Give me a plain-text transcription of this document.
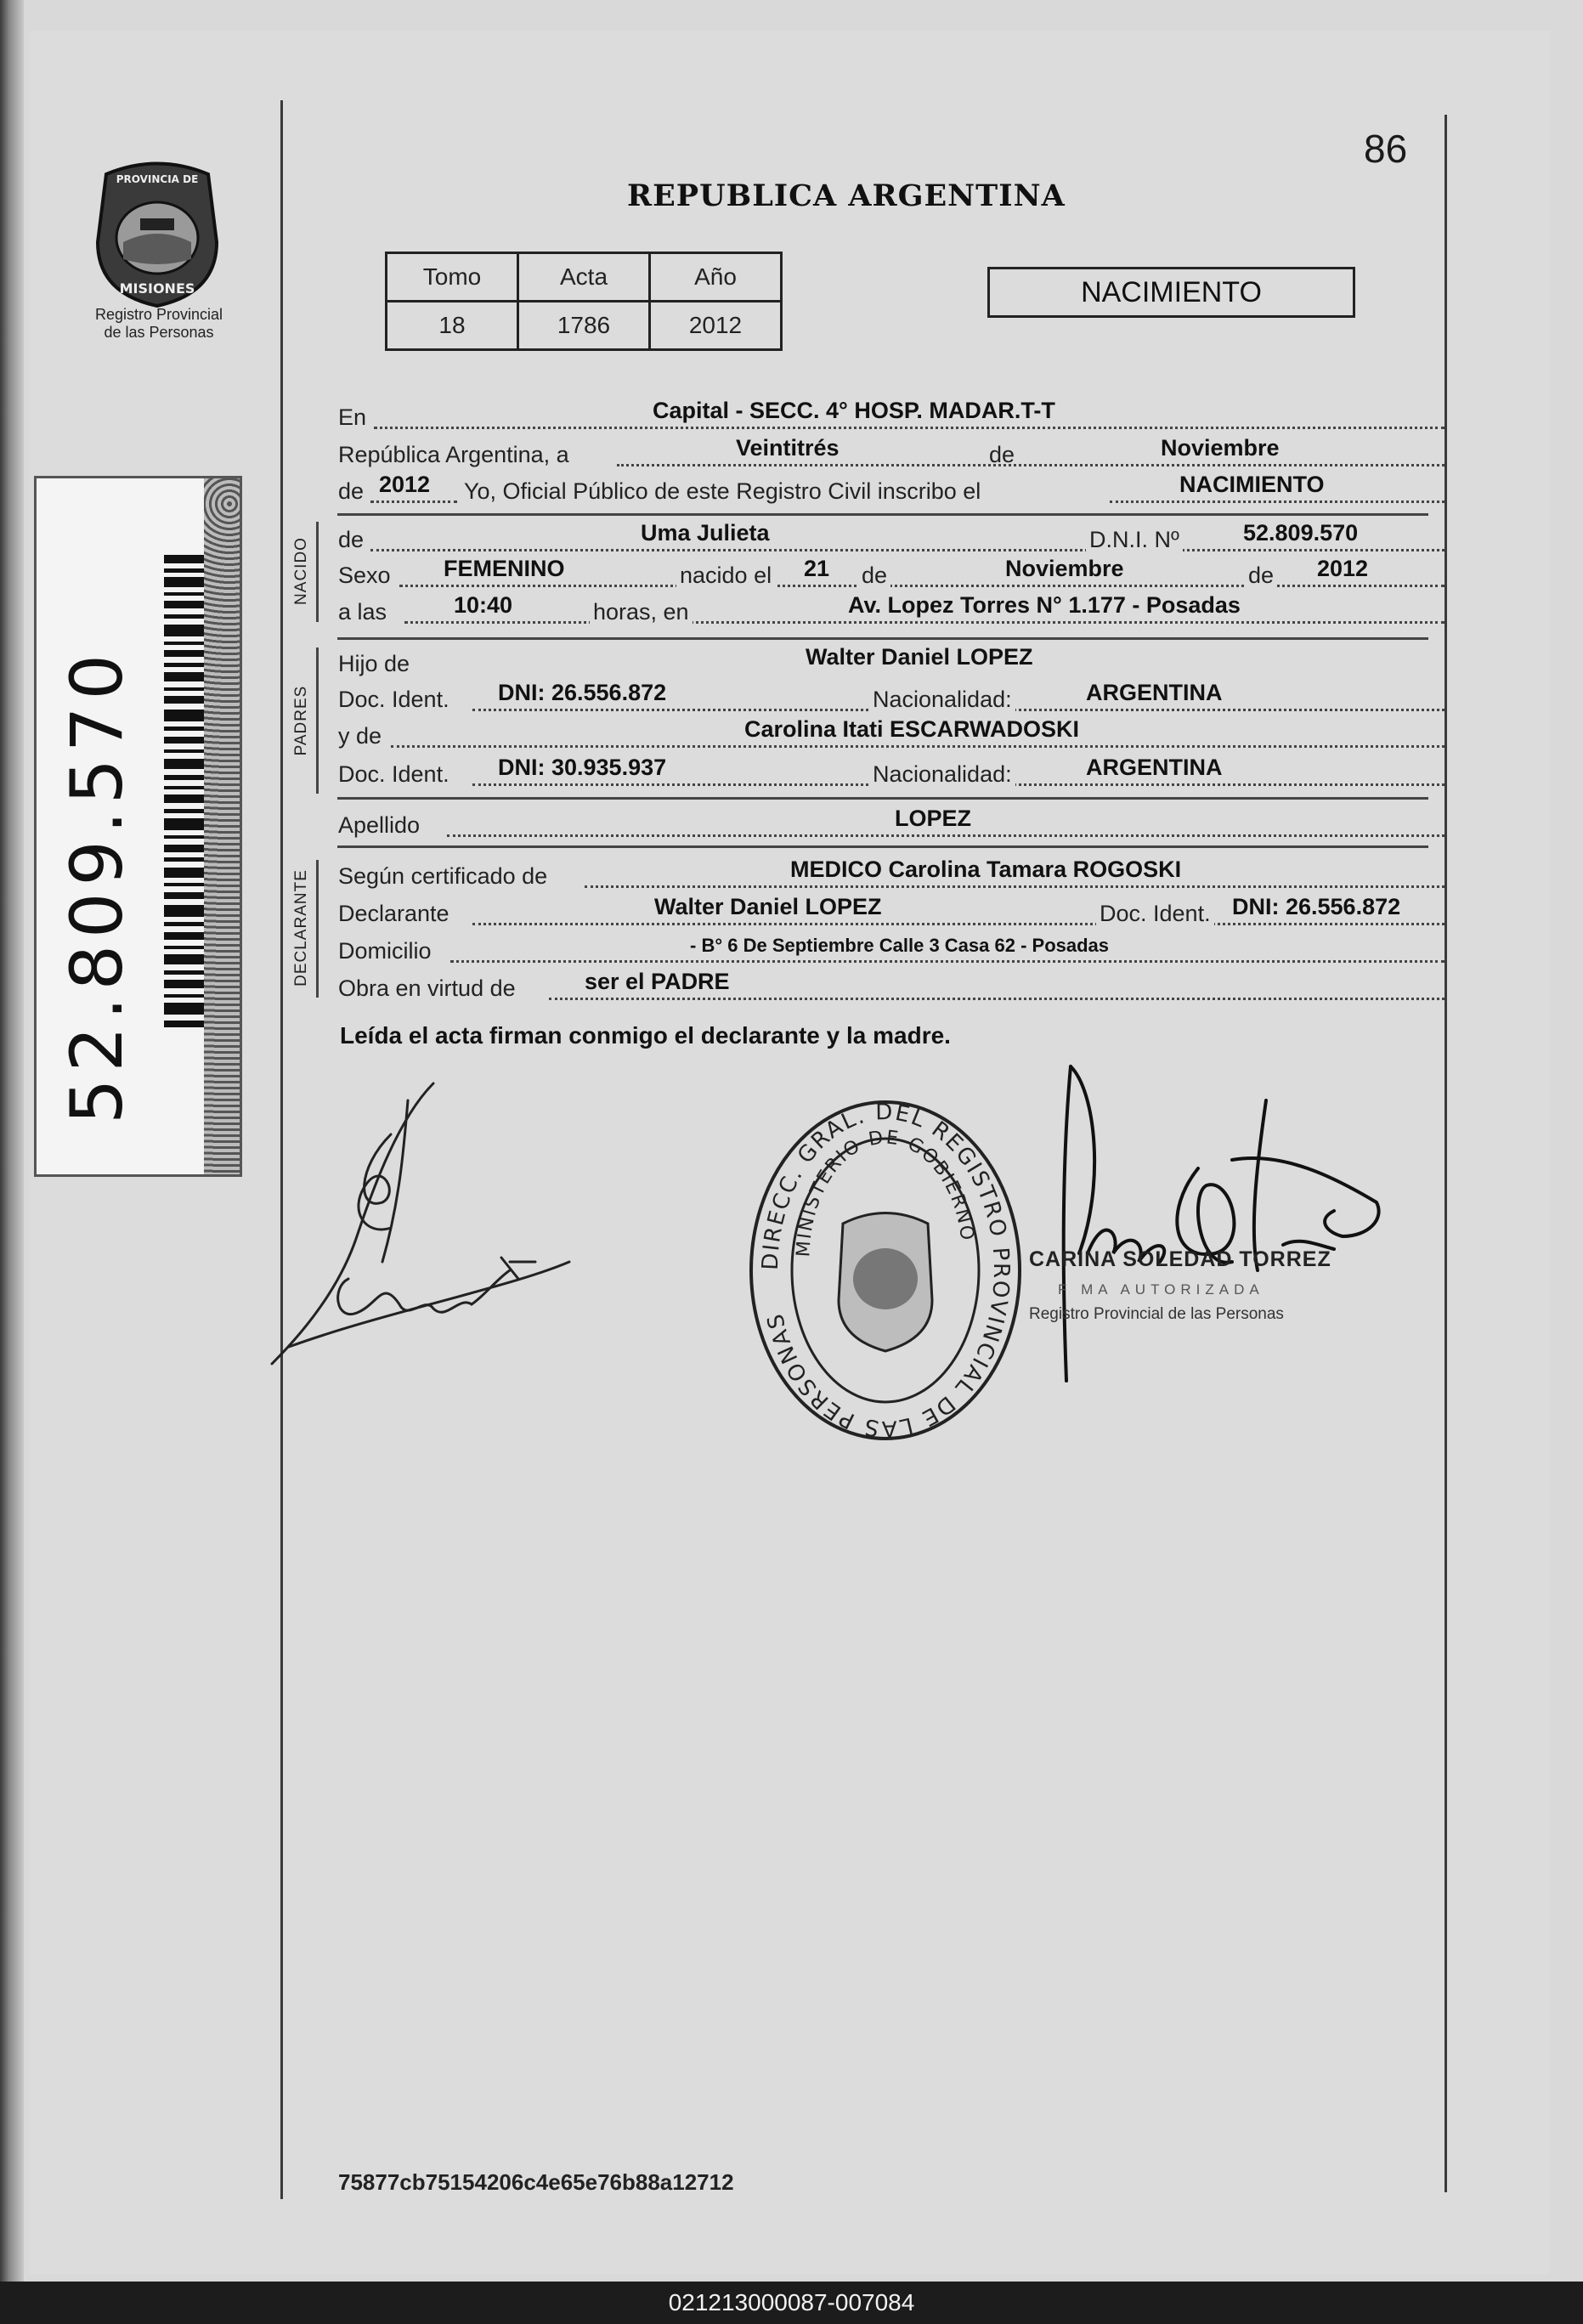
86
PROVINCIA DE
MISIONES
Registro Provincial
de las Personas
52.809.570
REPUBLICA ARGENTINA
Tomo	Acta	Año
18	1786	2012
NACIMIENTO
En	Capital - SECC. 4° HOSP. MADAR.T-T
República Argentina, a	Veintitrés	de	Noviembre
de 2012 Yo, Oficial Público de este Registro Civil inscribo el	NACIMIENTO
NACIDO de	Uma Julieta	D.N.I. Nº	52.809.570
Sexo FEMENINO	nacido el 21 de	Noviembre	de 2012
a las	10:40	horas, en	Av. Lopez Torres N° 1.177 - Posadas
PADRES
Hijo de	Walter Daniel LOPEZ
Doc. Ident. DNI: 26.556.872	Nacionalidad:	ARGENTINA
y de	Carolina Itati ESCARWADOSKI
Doc. Ident. DNI: 30.935.937	Nacionalidad:	ARGENTINA
Apellido	LOPEZ
DECLARANTE Según certificado de	MEDICO Carolina Tamara ROGOSKI
Declarante	Walter Daniel LOPEZ	Doc. Ident. DNI: 26.556.872
Domicilio	- B° 6 De Septiembre Calle 3 Casa 62 - Posadas
Obra en virtud de	ser el PADRE
Leída el acta firman conmigo el declarante y la madre.
DIRECC. GRAL. DEL REGISTRO PROVINCIAL DE LAS PERSONAS
MINISTERIO DE GOBIERNO
CARINA SOLEDAD TORREZ
F MA AUTORIZADA
Registro Provincial de las Personas
75877cb75154206c4e65e76b88a12712
021213000087-007084
